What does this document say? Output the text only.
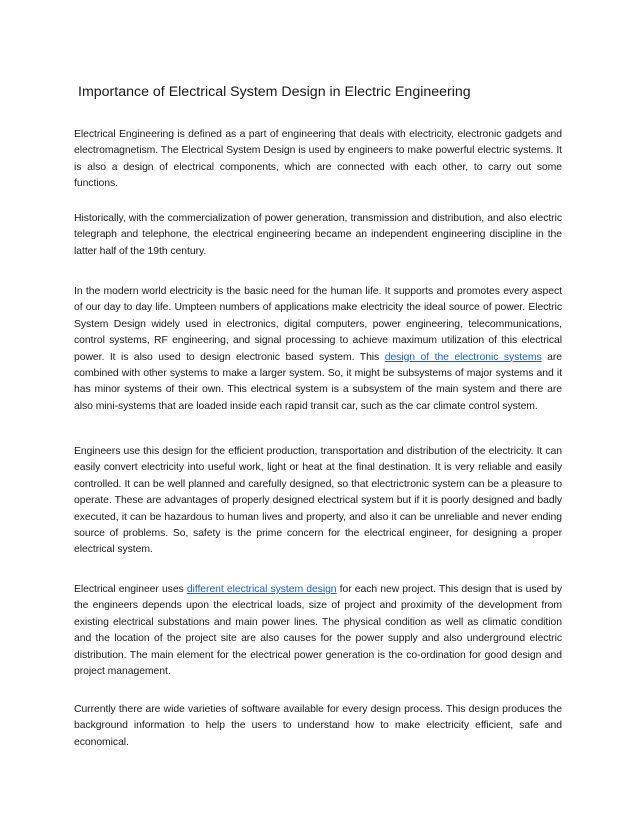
Importance of Electrical System Design in Electric Engineering

Electrical Engineering is defined as a part of engineering that deals with electricity, electronic gadgets and electromagnetism. The Electrical System Design is used by engineers to make powerful electric systems. It is also a design of electrical components, which are connected with each other, to carry out some functions.

Historically, with the commercialization of power generation, transmission and distribution, and also electric telegraph and telephone, the electrical engineering became an independent engineering discipline in the latter half of the 19th century.

In the modern world electricity is the basic need for the human life. It supports and promotes every aspect of our day to day life. Umpteen numbers of applications make electricity the ideal source of power. Electric System Design widely used in electronics, digital computers, power engineering, telecommunications, control systems, RF engineering, and signal processing to achieve maximum utilization of this electrical power. It is also used to design electronic based system. This design of the electronic systems are combined with other systems to make a larger system. So, it might be subsystems of major systems and it has minor systems of their own. This electrical system is a subsystem of the main system and there are also mini-systems that are loaded inside each rapid transit car, such as the car climate control system.

Engineers use this design for the efficient production, transportation and distribution of the electricity. It can easily convert electricity into useful work, light or heat at the final destination. It is very reliable and easily controlled. It can be well planned and carefully designed, so that electrictronic system can be a pleasure to operate. These are advantages of properly designed electrical system but if it is poorly designed and badly executed, it can be hazardous to human lives and property, and also it can be unreliable and never ending source of problems. So, safety is the prime concern for the electrical engineer, for designing a proper electrical system.

Electrical engineer uses different electrical system design for each new project. This design that is used by the engineers depends upon the electrical loads, size of project and proximity of the development from existing electrical substations and main power lines. The physical condition as well as climatic condition and the location of the project site are also causes for the power supply and also underground electric distribution. The main element for the electrical power generation is the co-ordination for good design and project management.

Currently there are wide varieties of software available for every design process. This design produces the background information to help the users to understand how to make electricity efficient, safe and economical.
